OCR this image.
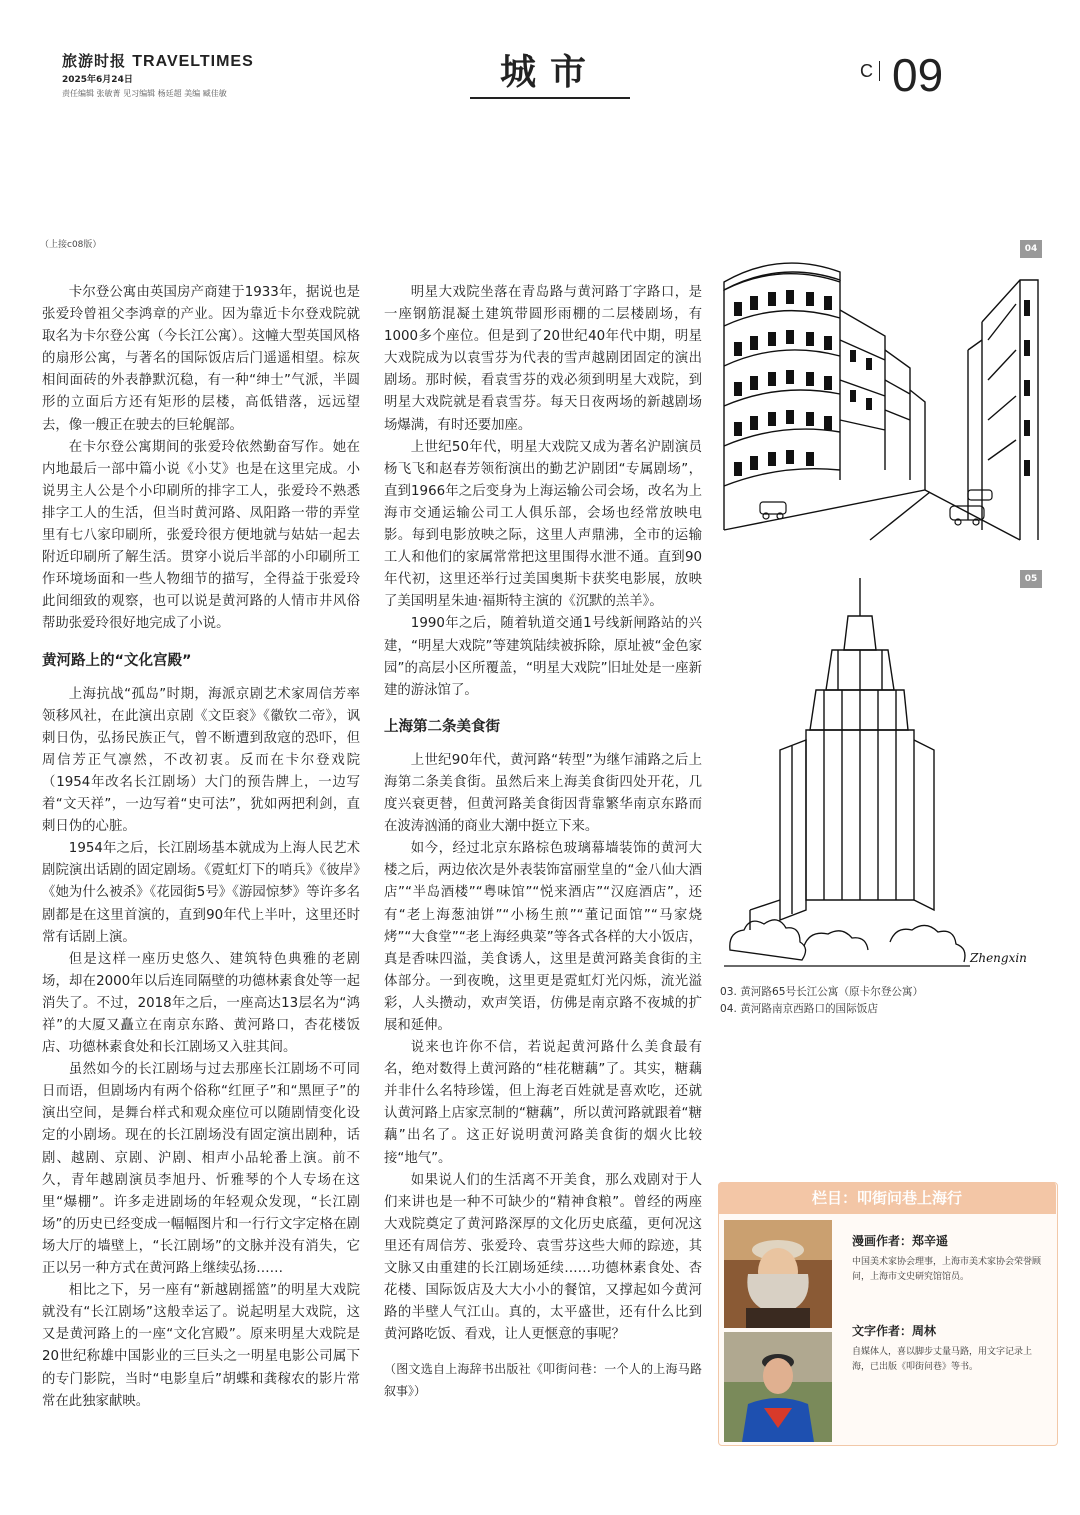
旅游时报 TRAVELTIMES
2025年6月24日
责任编辑 张敏菁 见习编辑 杨廷超 美编 臧佳敏
城市	$^C$ 09
（上接c08版）

卡尔登公寓由英国房产商建于1933年，据说也是张爱玲曾祖父李鸿章的产业。因为靠近卡尔登戏院就取名为卡尔登公寓（今长江公寓）。这幢大型英国风格的扇形公寓，与著名的国际饭店后门遥遥相望。棕灰相间面砖的外表静默沉稳，有一种“绅士”气派，半圆形的立面后方还有矩形的层楼，高低错落，远远望去，像一艘正在驶去的巨轮艉部。

在卡尔登公寓期间的张爱玲依然勤奋写作。她在内地最后一部中篇小说《小艾》也是在这里完成。小说男主人公是个小印刷所的排字工人，张爱玲不熟悉排字工人的生活，但当时黄河路、凤阳路一带的弄堂里有七八家印刷所，张爱玲很方便地就与姑姑一起去附近印刷所了解生活。贯穿小说后半部的小印刷所工作环境场面和一些人物细节的描写，全得益于张爱玲此间细致的观察，也可以说是黄河路的人情市井风俗帮助张爱玲很好地完成了小说。

黄河路上的“文化宫殿”

上海抗战“孤岛”时期，海派京剧艺术家周信芳率领移风社，在此演出京剧《文臣衮》《徽钦二帝》，讽刺日伪，弘扬民族正气，曾不断遭到敌寇的恐吓，但周信芳正气凛然，不改初衷。反而在卡尔登戏院（1954年改名长江剧场）大门的预告牌上，一边写着“文天祥”，一边写着“史可法”，犹如两把利剑，直刺日伪的心脏。

1954年之后，长江剧场基本就成为上海人民艺术剧院演出话剧的固定剧场。《霓虹灯下的哨兵》《彼岸》《她为什么被杀》《花园街5号》《游园惊梦》等许多名剧都是在这里首演的，直到90年代上半叶，这里还时常有话剧上演。

但是这样一座历史悠久、建筑特色典雅的老剧场，却在2000年以后连同隔壁的功德林素食处等一起消失了。不过，2018年之后，一座高达13层名为“鸿祥”的大厦又矗立在南京东路、黄河路口，杏花楼饭店、功德林素食处和长江剧场又入驻其间。

虽然如今的长江剧场与过去那座长江剧场不可同日而语，但剧场内有两个俗称“红匣子”和“黑匣子”的演出空间，是舞台样式和观众座位可以随剧情变化设定的小剧场。现在的长江剧场没有固定演出剧种，话剧、越剧、京剧、沪剧、相声小品轮番上演。前不久，青年越剧演员李旭丹、忻雅琴的个人专场在这里“爆棚”。许多走进剧场的年轻观众发现，“长江剧场”的历史已经变成一幅幅图片和一行行文字定格在剧场大厅的墙壁上，“长江剧场”的文脉并没有消失，它正以另一种方式在黄河路上继续弘扬……

相比之下，另一座有“新越剧摇篮”的明星大戏院就没有“长江剧场”这般幸运了。说起明星大戏院，这又是黄河路上的一座“文化宫殿”。原来明星大戏院是20世纪称雄中国影业的三巨头之一明星电影公司属下的专门影院，当时“电影皇后”胡蝶和龚稼农的影片常常在此独家献映。

明星大戏院坐落在青岛路与黄河路丁字路口，是一座钢筋混凝土建筑带圆形雨棚的二层楼剧场，有1000多个座位。但是到了20世纪40年代中期，明星大戏院成为以袁雪芬为代表的雪声越剧团固定的演出剧场。那时候，看袁雪芬的戏必须到明星大戏院，到明星大戏院就是看袁雪芬。每天日夜两场的新越剧场场爆满，有时还要加座。

上世纪50年代，明星大戏院又成为著名沪剧演员杨飞飞和赵春芳领衔演出的勤艺沪剧团“专属剧场”，直到1966年之后变身为上海运输公司会场，改名为上海市交通运输公司工人俱乐部，会场也经常放映电影。每到电影放映之际，这里人声鼎沸，全市的运输工人和他们的家属常常把这里围得水泄不通。直到90年代初，这里还举行过美国奥斯卡获奖电影展，放映了美国明星朱迪·福斯特主演的《沉默的羔羊》。

1990年之后，随着轨道交通1号线新闸路站的兴建，“明星大戏院”等建筑陆续被拆除，原址被“金色家园”的高层小区所覆盖，“明星大戏院”旧址处是一座新建的游泳馆了。

上海第二条美食街

上世纪90年代，黄河路“转型”为继乍浦路之后上海第二条美食街。虽然后来上海美食街四处开花，几度兴衰更替，但黄河路美食街因背靠繁华南京东路而在波涛汹涌的商业大潮中挺立下来。

如今，经过北京东路棕色玻璃幕墙装饰的黄河大楼之后，两边依次是外表装饰富丽堂皇的“金八仙大酒店”“半岛酒楼”“粤味馆”“悦来酒店”“汉庭酒店”，还有“老上海葱油饼”“小杨生煎”“董记面馆”“马家烧烤”“大食堂”“老上海经典菜”等各式各样的大小饭店，真是香味四溢，美食诱人，这里是黄河路美食街的主体部分。一到夜晚，这里更是霓虹灯光闪烁，流光溢彩，人头攒动，欢声笑语，仿佛是南京路不夜城的扩展和延伸。

说来也许你不信，若说起黄河路什么美食最有名，绝对数得上黄河路的“桂花糖藕”了。其实，糖藕并非什么名特珍馐，但上海老百姓就是喜欢吃，还就认黄河路上店家烹制的“糖藕”，所以黄河路就跟着“糖藕”出名了。这正好说明黄河路美食街的烟火比较接“地气”。

如果说人们的生活离不开美食，那么戏剧对于人们来讲也是一种不可缺少的“精神食粮”。曾经的两座大戏院奠定了黄河路深厚的文化历史底蕴，更何况这里还有周信芳、张爱玲、袁雪芬这些大师的踪迹，其文脉又由重建的长江剧场延续……功德林素食处、杏花楼、国际饭店及大大小小的餐馆，又撑起如今黄河路的半壁人气江山。真的，太平盛世，还有什么比到黄河路吃饭、看戏，让人更惬意的事呢？

（图文选自上海辞书出版社《叩街问巷：一个人的上海马路叙事》）
04
05
Zhengxin
03. 黄河路65号长江公寓（原卡尔登公寓）
04. 黄河路南京西路口的国际饭店
栏目：叩街问巷上海行
漫画作者：郑辛遥
中国美术家协会理事，上海市美术家协会荣誉顾问，上海市文史研究馆馆员。
文字作者：周林
自媒体人，喜以脚步丈量马路，用文字记录上海，已出版《叩街问巷》等书。
